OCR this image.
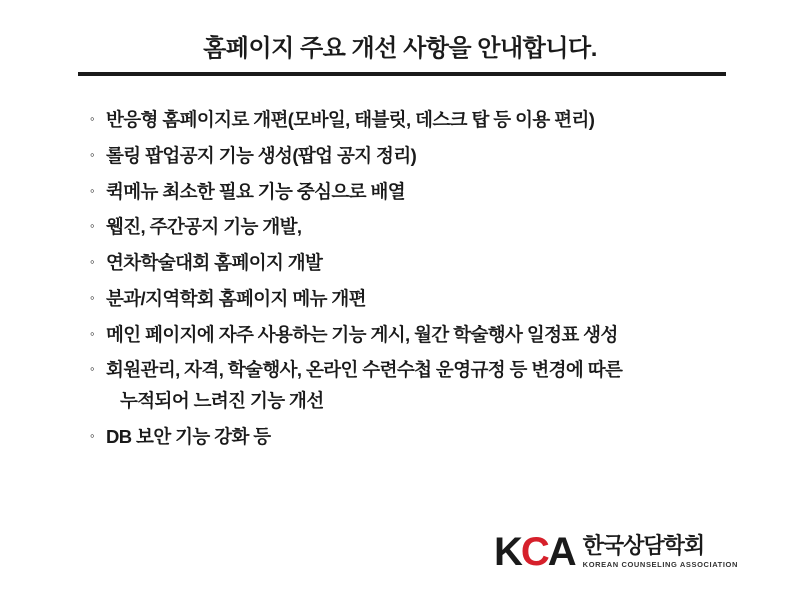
홈페이지 주요 개선 사항을 안내합니다.
◦ 반응형 홈페이지로 개편(모바일, 태블릿, 데스크 탑 등 이용 편리)
◦ 롤링 팝업공지 기능 생성(팝업 공지 정리)
◦ 퀵메뉴 최소한 필요 기능 중심으로 배열
◦ 웹진, 주간공지 기능 개발,
◦ 연차학술대회 홈페이지 개발
◦ 분과/지역학회 홈페이지 메뉴 개편
◦ 메인 페이지에 자주 사용하는 기능 게시, 월간 학술행사 일정표 생성
◦ 회원관리, 자격, 학술행사, 온라인 수련수첩 운영규정 등 변경에 따른
누적되어 느려진 기능 개선
◦ DB 보안 기능 강화 등
KCA 한국상담학회
KOREAN COUNSELING ASSOCIATION
